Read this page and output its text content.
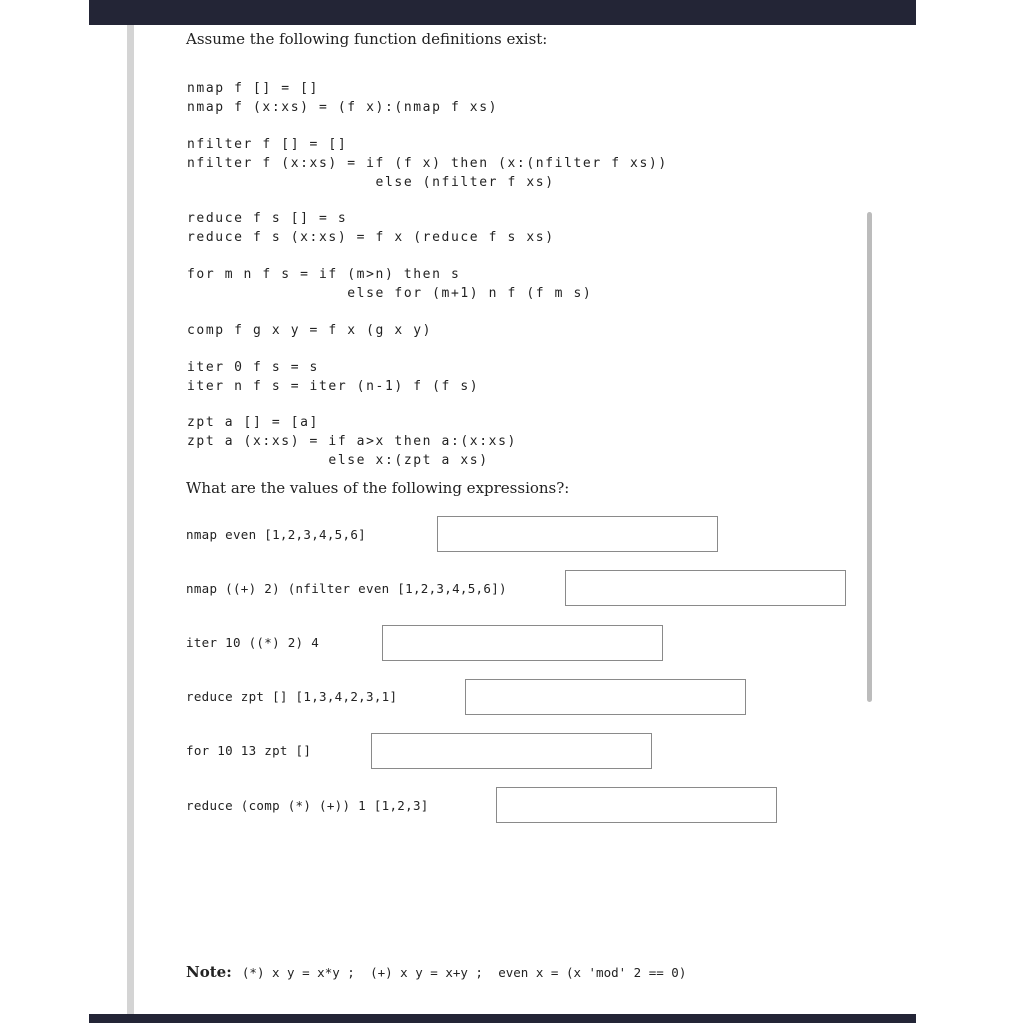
Assume the following function definitions exist:
nmap f [] = []
nmap f (x:xs) = (f x):(nmap f xs)
nfilter f [] = []
nfilter f (x:xs) = if (f x) then (x:(nfilter f xs))
else (nfilter f xs)
reduce f s [] = s
reduce f s (x:xs) = f x (reduce f s xs)
for m n f s = if (m>n) then s
else for (m+1) n f (f m s)
comp f g x y = f x (g x y)
iter 0 f s = s
iter n f s = iter (n-1) f (f s)
zpt a [] = [a]
zpt a (x:xs) = if a>x then a:(x:xs)
else x:(zpt a xs)
What are the values of the following expressions?:
nmap even [1,2,3,4,5,6]
nmap ((+) 2) (nfilter even [1,2,3,4,5,6])
iter 10 ((*) 2) 4
reduce zpt [] [1,3,4,2,3,1]
for 10 13 zpt []
reduce (comp (*) (+)) 1 [1,2,3]
Note: (*) x y = x*y ; (+) x y = x+y ; even x = (x 'mod' 2 == 0)
